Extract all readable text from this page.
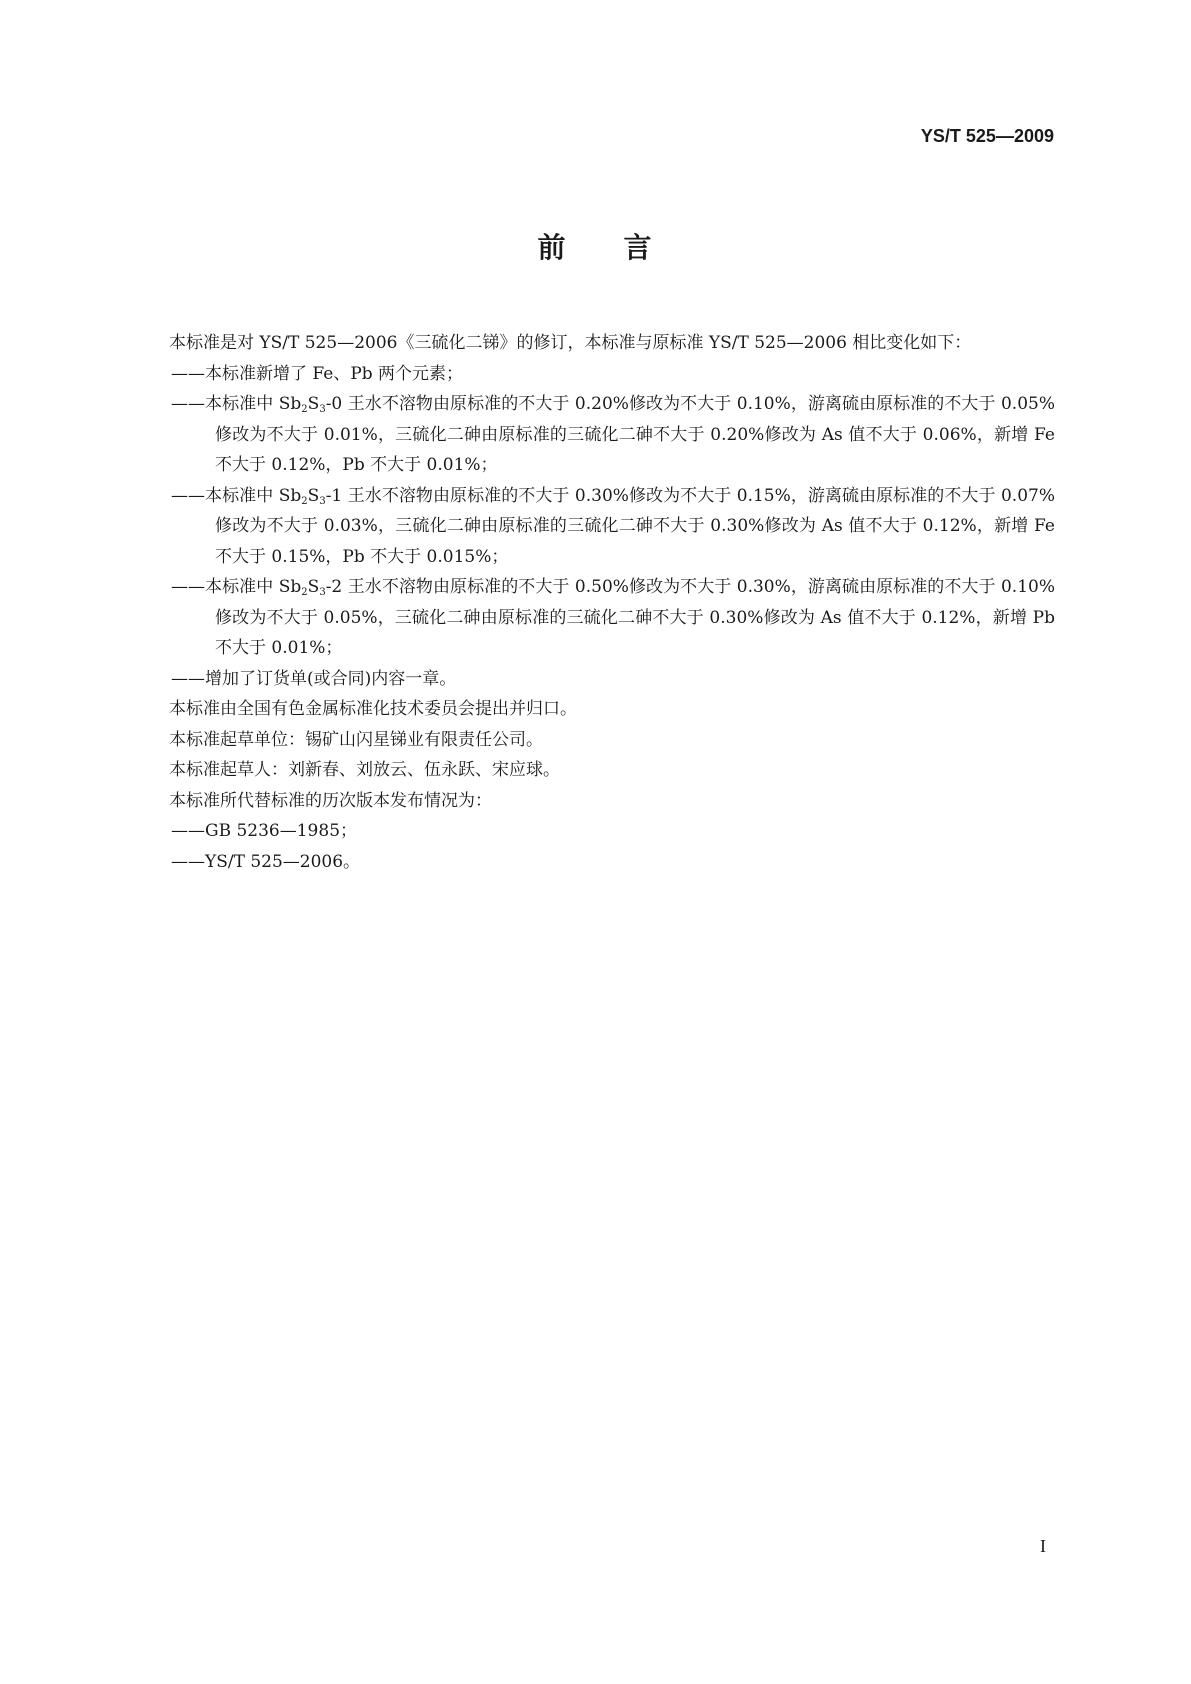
YS/T 525—2009
前 言

本标准是对 YS/T 525—2006《三硫化二锑》的修订，本标准与原标准 YS/T 525—2006 相比变化如下：

——本标准新增了 Fe、Pb 两个元素；

——本标准中 $Sb_2S_3-0$ 王水不溶物由原标准的不大于 0.20%修改为不大于 0.10%，游离硫由原标准的不大于 0.05%修改为不大于 0.01%，三硫化二砷由原标准的三硫化二砷不大于 0.20%修改为 As 值不大于 0.06%，新增 Fe 不大于 0.12%，Pb 不大于 0.01%；

——本标准中 $Sb_2S_3-1$ 王水不溶物由原标准的不大于 0.30%修改为不大于 0.15%，游离硫由原标准的不大于 0.07%修改为不大于 0.03%，三硫化二砷由原标准的三硫化二砷不大于 0.30%修改为 As 值不大于 0.12%，新增 Fe 不大于 0.15%，Pb 不大于 0.015%；

——本标准中 $Sb_2S_3-2$ 王水不溶物由原标准的不大于 0.50%修改为不大于 0.30%，游离硫由原标准的不大于 0.10%修改为不大于 0.05%，三硫化二砷由原标准的三硫化二砷不大于 0.30%修改为 As 值不大于 0.12%，新增 Pb 不大于 0.01%；

——增加了订货单(或合同)内容一章。

本标准由全国有色金属标准化技术委员会提出并归口。

本标准起草单位：锡矿山闪星锑业有限责任公司。

本标准起草人：刘新春、刘放云、伍永跃、宋应球。

本标准所代替标准的历次版本发布情况为：

——GB 5236—1985；

——YS/T 525—2006。

I
